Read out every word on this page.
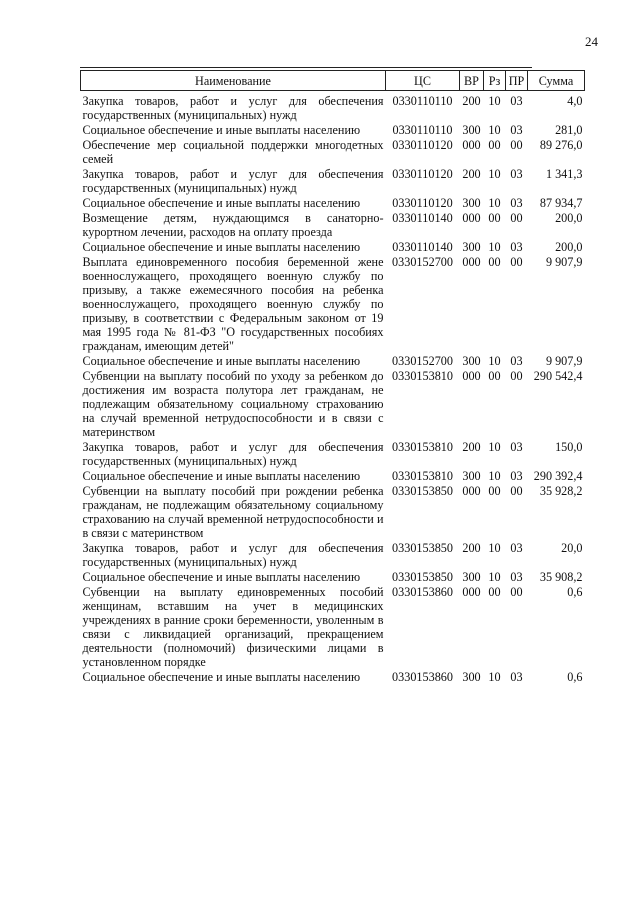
24
Наименование	ЦС	ВР	Рз	ПР	Сумма

Закупка товаров, работ и услуг для обеспечения государственных (муниципальных) нужд	0330110110	200	10	03	4,0
Социальное обеспечение и иные выплаты населению	0330110110	300	10	03	281,0
Обеспечение мер социальной поддержки многодетных семей	0330110120	000	00	00	89 276,0
Закупка товаров, работ и услуг для обеспечения государственных (муниципальных) нужд	0330110120	200	10	03	1 341,3
Социальное обеспечение и иные выплаты населению	0330110120	300	10	03	87 934,7
Возмещение детям, нуждающимся в санаторно-курортном лечении, расходов на оплату проезда	0330110140	000	00	00	200,0
Социальное обеспечение и иные выплаты населению	0330110140	300	10	03	200,0
Выплата единовременного пособия беременной жене военнослужащего, проходящего военную службу по призыву, а также ежемесячного пособия на ребенка военнослужащего, проходящего военную службу по призыву, в соответствии с Федеральным законом от 19 мая 1995 года № 81-ФЗ "О государственных пособиях гражданам, имеющим детей"	0330152700	000	00	00	9 907,9
Социальное обеспечение и иные выплаты населению	0330152700	300	10	03	9 907,9
Субвенции на выплату пособий по уходу за ребенком до достижения им возраста полутора лет гражданам, не подлежащим обязательному социальному страхованию на случай временной нетрудоспособности и в связи с материнством	0330153810	000	00	00	290 542,4
Закупка товаров, работ и услуг для обеспечения государственных (муниципальных) нужд	0330153810	200	10	03	150,0
Социальное обеспечение и иные выплаты населению	0330153810	300	10	03	290 392,4
Субвенции на выплату пособий при рождении ребенка гражданам, не подлежащим обязательному социальному страхованию на случай временной нетрудоспособности и в связи с материнством	0330153850	000	00	00	35 928,2
Закупка товаров, работ и услуг для обеспечения государственных (муниципальных) нужд	0330153850	200	10	03	20,0
Социальное обеспечение и иные выплаты населению	0330153850	300	10	03	35 908,2
Субвенции на выплату единовременных пособий женщинам, вставшим на учет в медицинских учреждениях в ранние сроки беременности, уволенным в связи с ликвидацией организаций, прекращением деятельности (полномочий) физическими лицами в установленном порядке	0330153860	000	00	00	0,6
Социальное обеспечение и иные выплаты населению	0330153860	300	10	03	0,6
